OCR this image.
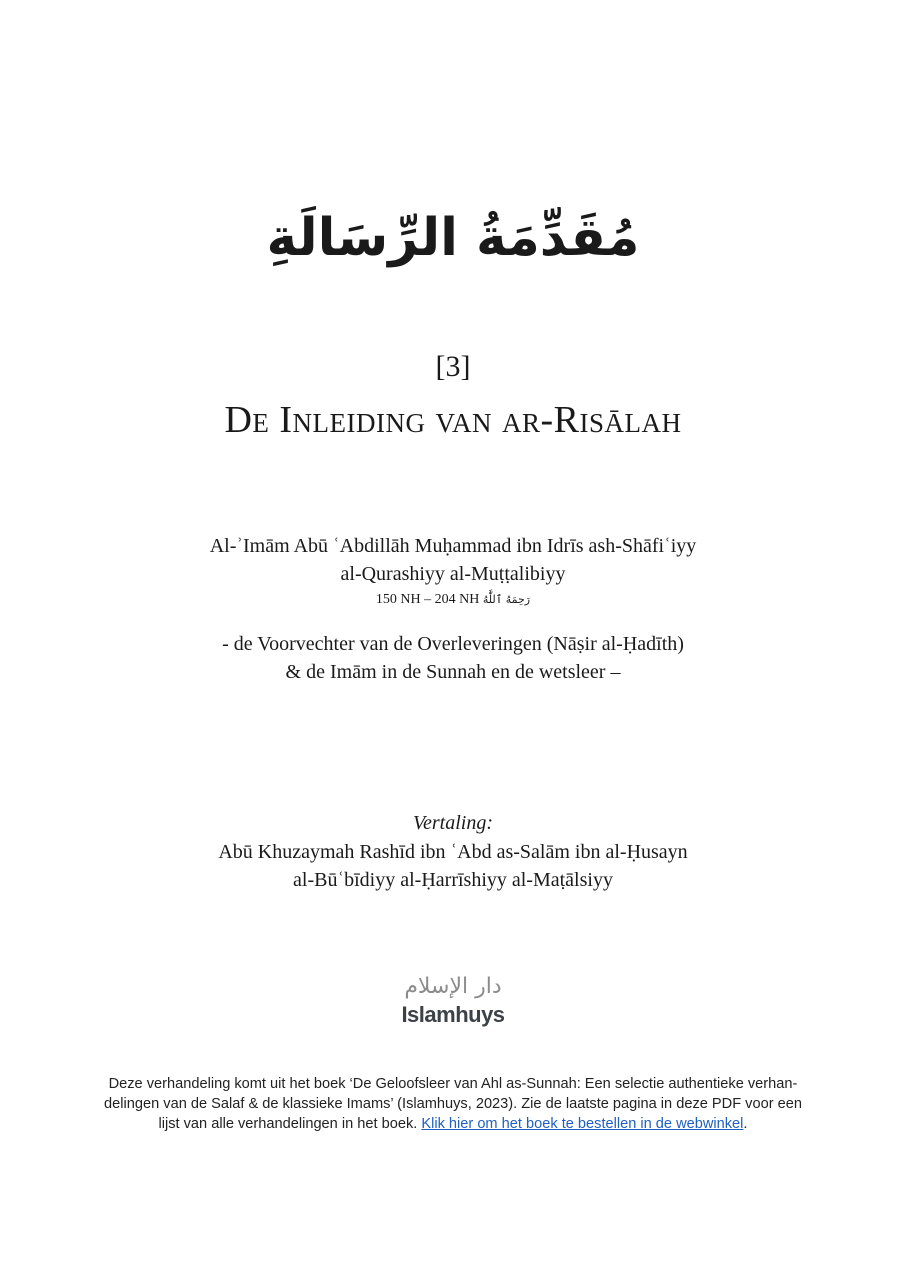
مُقَدِّمَةُ الرِّسَالَةِ
[3]
De Inleiding van ar-Risālah
Al-ʾImām Abū ʿAbdillāh Muḥammad ibn Idrīs ash-Shāfiʿiyy
al-Qurashiyy al-Muṭṭalibiyy
150 NH – 204 NH رَحِمَهُ ٱللَّٰهُ
- de Voorvechter van de Overleveringen (Nāṣir al-Ḥadīth)
& de Imām in de Sunnah en de wetsleer –
Vertaling:
Abū Khuzaymah Rashīd ibn ʿAbd as-Salām ibn al-Ḥusayn
al-Būʿbīdiyy al-Ḥarrīshiyy al-Maṭālsiyy
دار الإسلام
Islamhuys
Deze verhandeling komt uit het boek ‘De Geloofsleer van Ahl as-Sunnah: Een selectie authentieke verhan-delingen van de Salaf & de klassieke Imams’ (Islamhuys, 2023). Zie de laatste pagina in deze PDF voor een lijst van alle verhandelingen in het boek. Klik hier om het boek te bestellen in de webwinkel.
